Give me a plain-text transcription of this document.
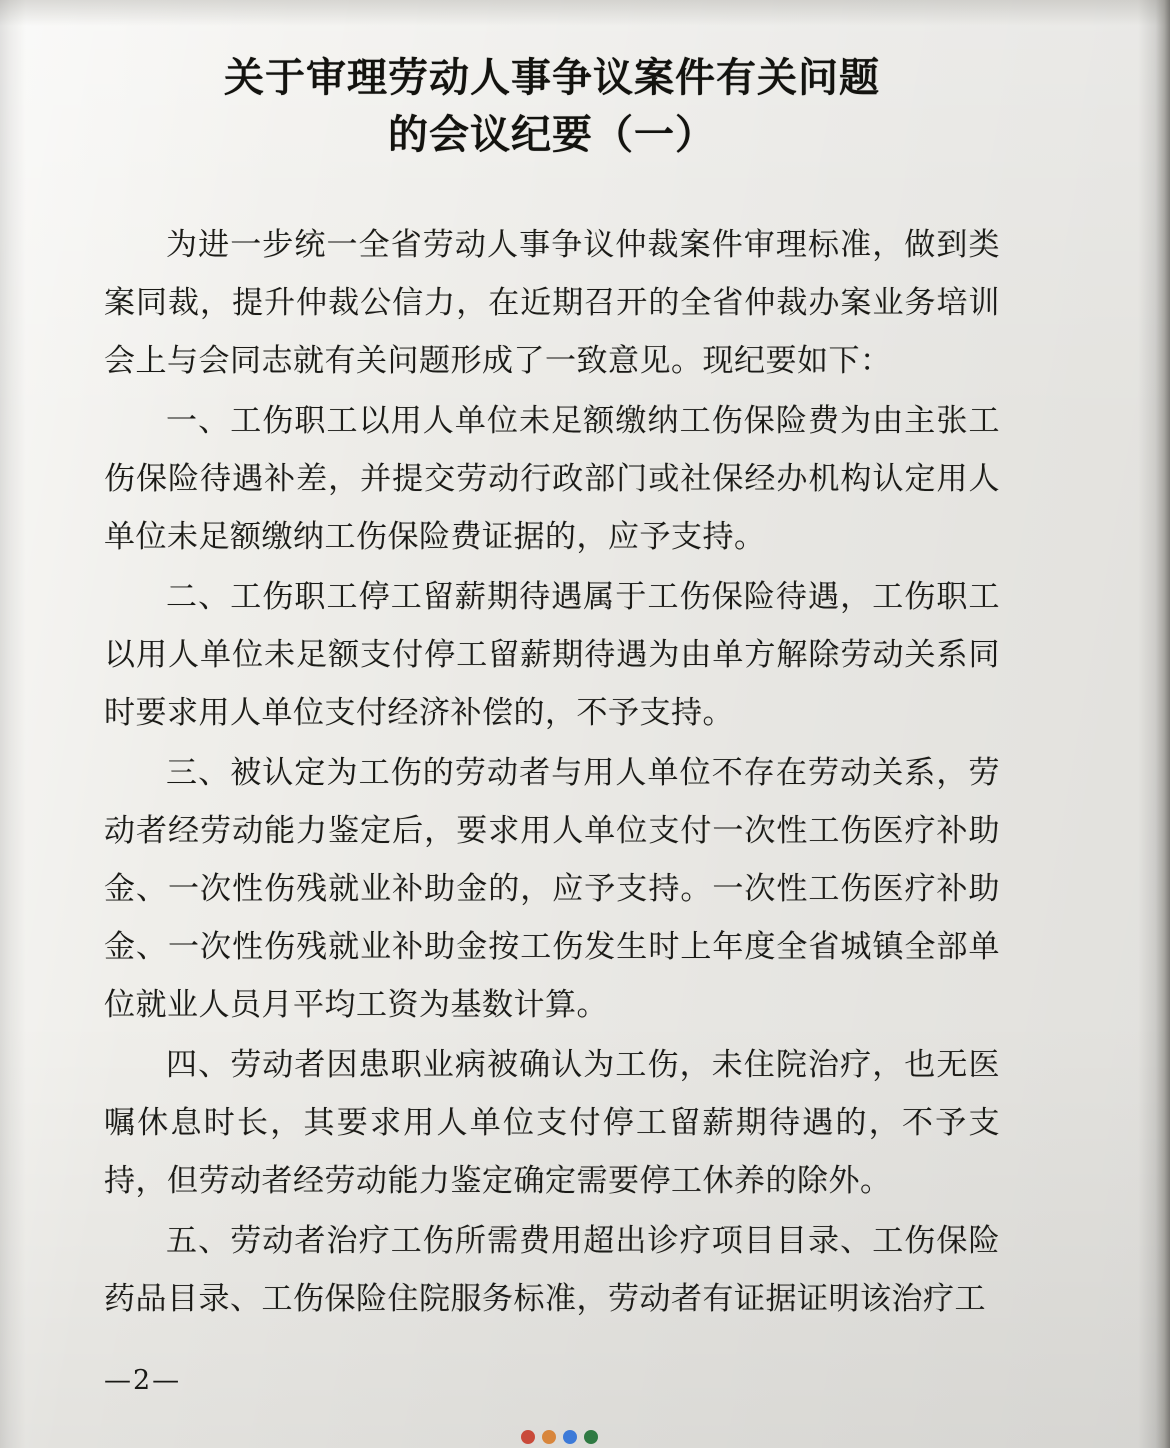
关于审理劳动人事争议案件有关问题
的会议纪要（一）

为进一步统一全省劳动人事争议仲裁案件审理标准，做到类案同裁，提升仲裁公信力，在近期召开的全省仲裁办案业务培训会上与会同志就有关问题形成了一致意见。现纪要如下：

一、工伤职工以用人单位未足额缴纳工伤保险费为由主张工伤保险待遇补差，并提交劳动行政部门或社保经办机构认定用人单位未足额缴纳工伤保险费证据的，应予支持。

二、工伤职工停工留薪期待遇属于工伤保险待遇，工伤职工以用人单位未足额支付停工留薪期待遇为由单方解除劳动关系同时要求用人单位支付经济补偿的，不予支持。

三、被认定为工伤的劳动者与用人单位不存在劳动关系，劳动者经劳动能力鉴定后，要求用人单位支付一次性工伤医疗补助金、一次性伤残就业补助金的，应予支持。一次性工伤医疗补助金、一次性伤残就业补助金按工伤发生时上年度全省城镇全部单位就业人员月平均工资为基数计算。

四、劳动者因患职业病被确认为工伤，未住院治疗，也无医嘱休息时长，其要求用人单位支付停工留薪期待遇的，不予支持，但劳动者经劳动能力鉴定确定需要停工休养的除外。

五、劳动者治疗工伤所需费用超出诊疗项目目录、工伤保险药品目录、工伤保险住院服务标准，劳动者有证据证明该治疗工

—2—
